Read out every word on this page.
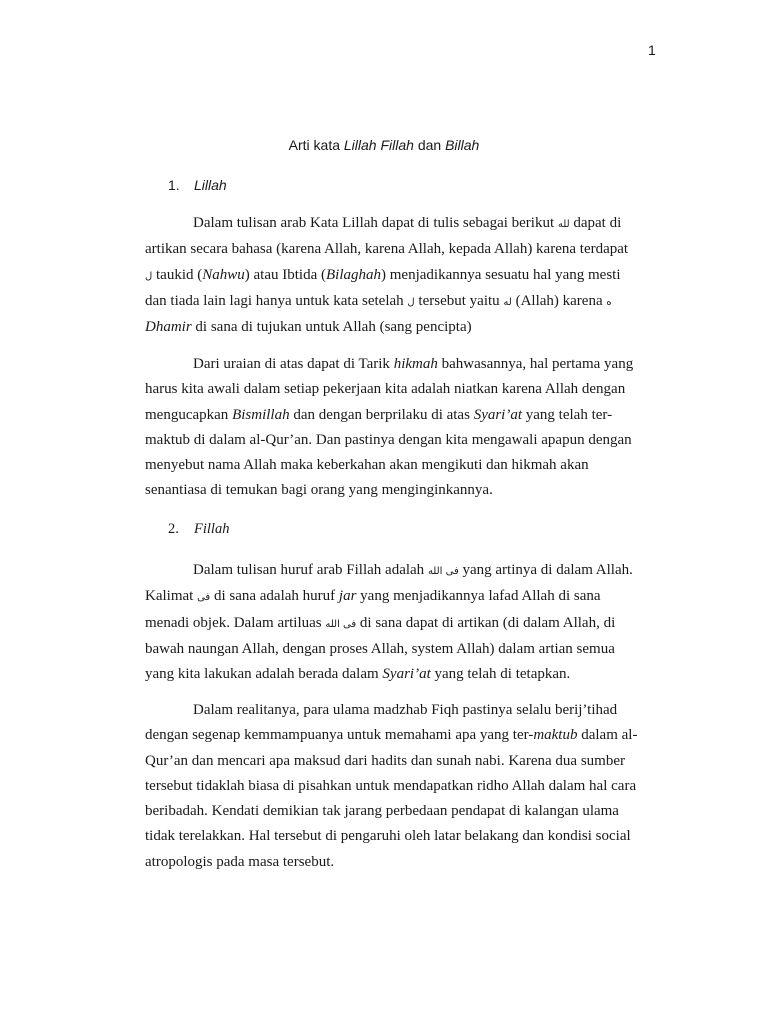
1
Arti kata Lillah Fillah dan Billah
1. Lillah
Dalam tulisan arab Kata Lillah dapat di tulis sebagai berikut لله dapat di
artikan secara bahasa (karena Allah, karena Allah, kepada Allah) karena terdapat
ل taukid (Nahwu) atau Ibtida (Bilaghah) menjadikannya sesuatu hal yang mesti
dan tiada lain lagi hanya untuk kata setelah ل tersebut yaitu له (Allah) karena ه
Dhamir di sana di tujukan untuk Allah (sang pencipta)
Dari uraian di atas dapat di Tarik hikmah bahwasannya, hal pertama yang
harus kita awali dalam setiap pekerjaan kita adalah niatkan karena Allah dengan
mengucapkan Bismillah dan dengan berprilaku di atas Syari’at yang telah ter-
maktub di dalam al-Qur’an. Dan pastinya dengan kita mengawali apapun dengan
menyebut nama Allah maka keberkahan akan mengikuti dan hikmah akan
senantiasa di temukan bagi orang yang menginginkannya.
2. Fillah
Dalam tulisan huruf arab Fillah adalah فى الله yang artinya di dalam Allah.
Kalimat فى di sana adalah huruf jar yang menjadikannya lafad Allah di sana
menadi objek. Dalam artiluas فى الله di sana dapat di artikan (di dalam Allah, di
bawah naungan Allah, dengan proses Allah, system Allah) dalam artian semua
yang kita lakukan adalah berada dalam Syari’at yang telah di tetapkan.
Dalam realitanya, para ulama madzhab Fiqh pastinya selalu berij’tihad
dengan segenap kemmampuanya untuk memahami apa yang ter-maktub dalam al-
Qur’an dan mencari apa maksud dari hadits dan sunah nabi. Karena dua sumber
tersebut tidaklah biasa di pisahkan untuk mendapatkan ridho Allah dalam hal cara
beribadah. Kendati demikian tak jarang perbedaan pendapat di kalangan ulama
tidak terelakkan. Hal tersebut di pengaruhi oleh latar belakang dan kondisi social
atropologis pada masa tersebut.
